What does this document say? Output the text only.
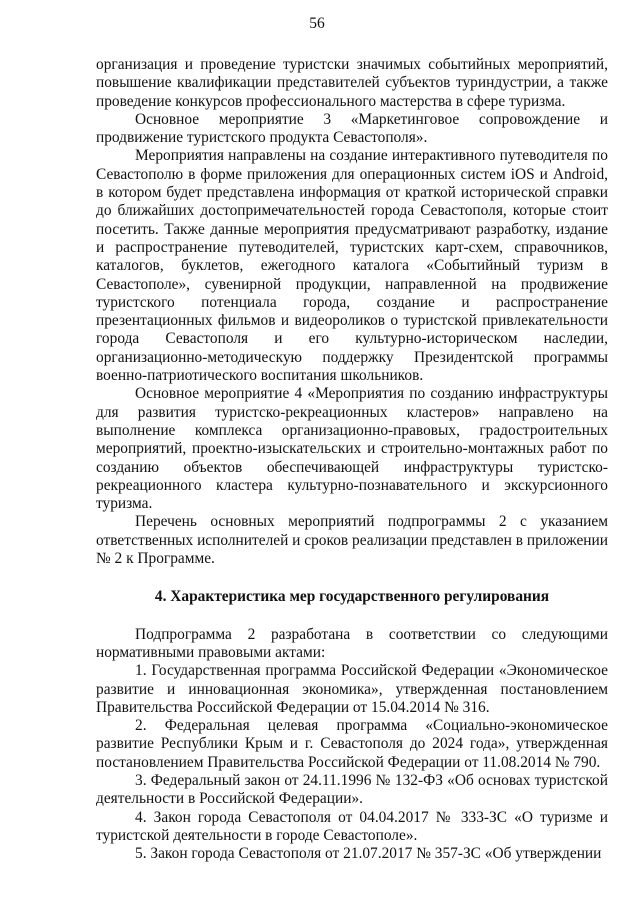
56

организация и проведение туристски значимых событийных мероприятий, повышение квалификации представителей субъектов туриндустрии, а также проведение конкурсов профессионального мастерства в сфере туризма.

Основное мероприятие 3 «Маркетинговое сопровождение и продвижение туристского продукта Севастополя».

Мероприятия направлены на создание интерактивного путеводителя по Севастополю в форме приложения для операционных систем iOS и Android, в котором будет представлена информация от краткой исторической справки до ближайших достопримечательностей города Севастополя, которые стоит посетить. Также данные мероприятия предусматривают разработку, издание и распространение путеводителей, туристских карт-схем, справочников, каталогов, буклетов, ежегодного каталога «Событийный туризм в Севастополе», сувенирной продукции, направленной на продвижение туристского потенциала города, создание и распространение презентационных фильмов и видеороликов о туристской привлекательности города Севастополя и его культурно-историческом наследии, организационно-методическую поддержку Президентской программы военно-патриотического воспитания школьников.

Основное мероприятие 4 «Мероприятия по созданию инфраструктуры для развития туристско-рекреационных кластеров» направлено на выполнение комплекса организационно-правовых, градостроительных мероприятий, проектно-изыскательских и строительно-монтажных работ по созданию объектов обеспечивающей инфраструктуры туристско-рекреационного кластера культурно-познавательного и экскурсионного туризма.

Перечень основных мероприятий подпрограммы 2 с указанием ответственных исполнителей и сроков реализации представлен в приложении № 2 к Программе.

4. Характеристика мер государственного регулирования

Подпрограмма 2 разработана в соответствии со следующими нормативными правовыми актами:

1. Государственная программа Российской Федерации «Экономическое развитие и инновационная экономика», утвержденная постановлением Правительства Российской Федерации от 15.04.2014 № 316.

2. Федеральная целевая программа «Социально-экономическое развитие Республики Крым и г. Севастополя до 2024 года», утвержденная постановлением Правительства Российской Федерации от 11.08.2014 № 790.

3. Федеральный закон от 24.11.1996 № 132-ФЗ «Об основах туристской деятельности в Российской Федерации».

4. Закон города Севастополя от 04.04.2017 № 333-ЗС «О туризме и туристской деятельности в городе Севастополе».

5. Закон города Севастополя от 21.07.2017 № 357-ЗС «Об утверждении
